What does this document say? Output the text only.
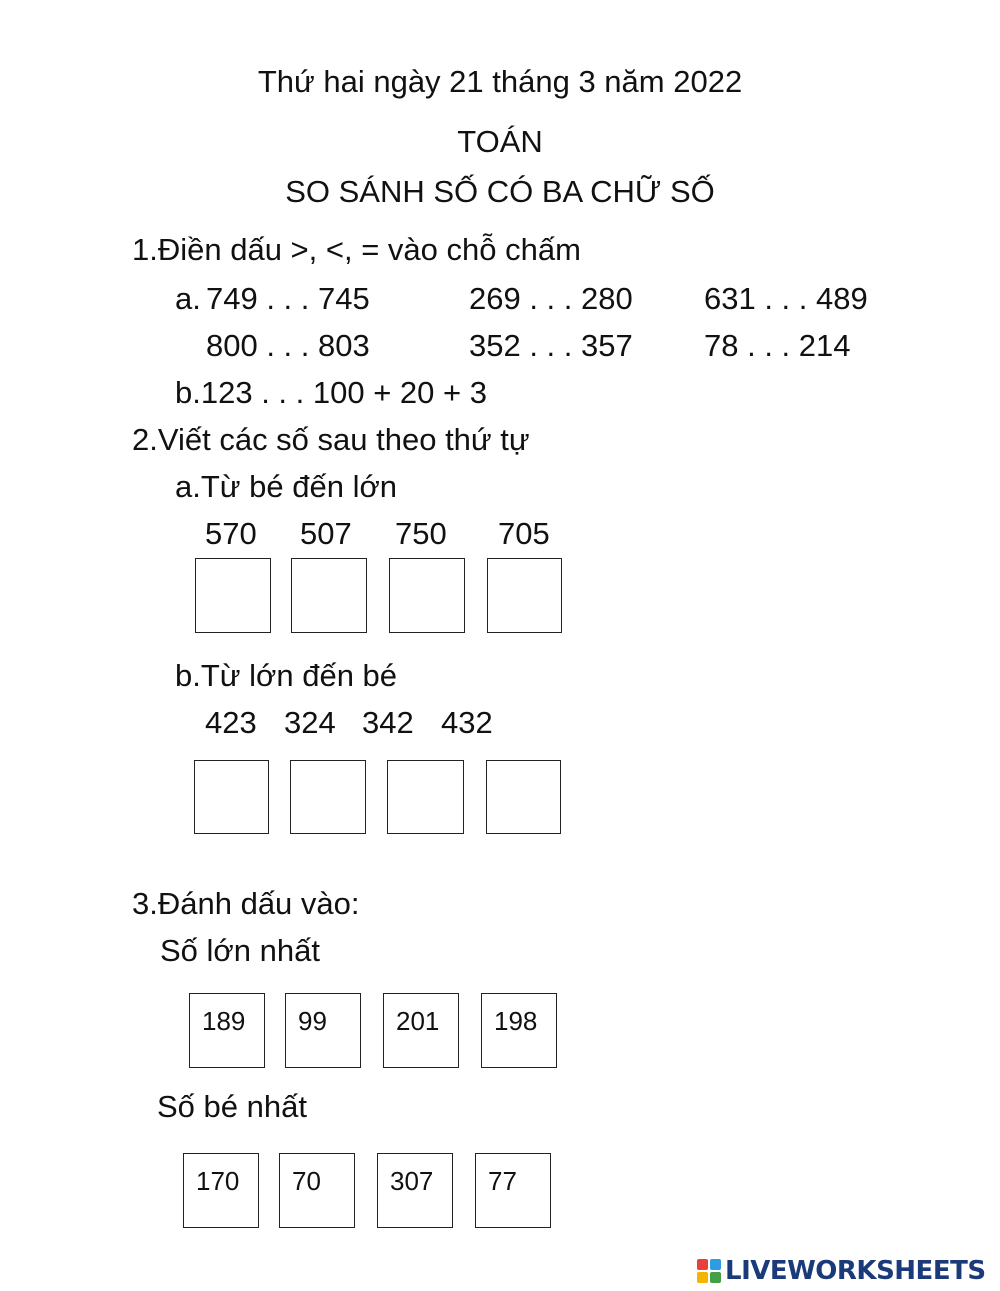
Thứ hai ngày 21 tháng 3 năm 2022
TOÁN
SO SÁNH SỐ CÓ BA CHỮ SỐ
1.Điền dấu >, <, = vào chỗ chấm
a. 749 . . . 745	269 . . . 280 631 . . . 489
800 . . . 803	352 . . . 357 78 . . . 214
b.123 . . . 100 + 20 + 3
2.Viết các số sau theo thứ tự
a.Từ bé đến lớn
570 507 750 705
b.Từ lớn đến bé
423 324 342 432
3.Đánh dấu vào:
Số lớn nhất
189 99	201 198
Số bé nhất
170 70	307 77
LIVEWORKSHEETS
